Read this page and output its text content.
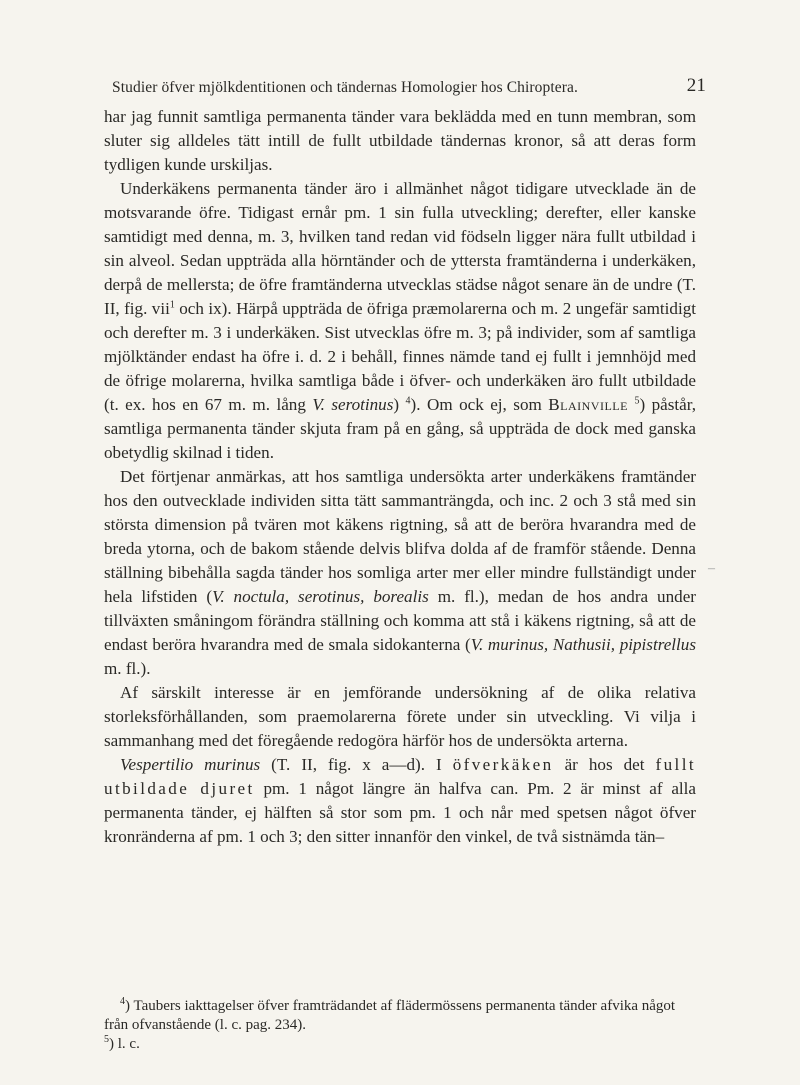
Studier öfver mjölkdentitionen och tändernas Homologier hos Chiroptera.	21

har jag funnit samtliga permanenta tänder vara beklädda med en tunn membran, som sluter sig alldeles tätt intill de fullt utbildade tändernas kronor, så att deras form tydligen kunde urskiljas.

Underkäkens permanenta tänder äro i allmänhet något tidigare utvecklade än de motsvarande öfre. Tidigast ernår pm. 1 sin fulla utveckling; derefter, eller kanske samtidigt med denna, m. 3, hvilken tand redan vid födseln ligger nära fullt utbildad i sin alveol. Sedan uppträda alla hörntänder och de yttersta framtänderna i underkäken, derpå de mellersta; de öfre framtänderna utvecklas städse något senare än de undre (T. II, fig. vii$^1$ och ix). Härpå uppträda de öfriga præmolarerna och m. 2 ungefär samtidigt och derefter m. 3 i underkäken. Sist utvecklas öfre m. 3; på individer, som af samtliga mjölktänder endast ha öfre i. d. 2 i behåll, finnes nämde tand ej fullt i jemnhöjd med de öfrige molarerna, hvilka samtliga både i öfver- och underkäken äro fullt utbildade (t. ex. hos en 67 m. m. lång V. serotinus) $^4$). Om ock ej, som Blainville $^5$) påstår, samtliga permanenta tänder skjuta fram på en gång, så uppträda de dock med ganska obetydlig skilnad i tiden.

Det förtjenar anmärkas, att hos samtliga undersökta arter underkäkens framtänder hos den outvecklade individen sitta tätt sammanträngda, och inc. 2 och 3 stå med sin största dimension på tvären mot käkens rigtning, så att de beröra hvarandra med de breda ytorna, och de bakom stående delvis blifva dolda af de framför stående. Denna ställning bibehålla sagda tänder hos somliga arter mer eller mindre fullständigt under hela lifstiden (V. noctula, serotinus, borealis m. fl.), medan de hos andra under tillväxten småningom förändra ställning och komma att stå i käkens rigtning, så att de endast beröra hvarandra med de smala sidokanterna (V. murinus, Nathusii, pipistrellus m. fl.).

Af särskilt interesse är en jemförande undersökning af de olika relativa storleksförhållanden, som praemolarerna förete under sin utveckling. Vi vilja i sammanhang med det föregående redogöra härför hos de undersökta arterna.

Vespertilio murinus (T. II, fig. x a—d). I öfverkäken är hos det fullt utbildade djuret pm. 1 något längre än halfva can. Pm. 2 är minst af alla permanenta tänder, ej hälften så stor som pm. 1 och når med spetsen något öfver kronränderna af pm. 1 och 3; den sitter innanför den vinkel, de två sistnämda tän–

$^4$) Taubers iakttagelser öfver framträdandet af flädermössens permanenta tänder afvika något från ofvanstående (l. c. pag. 234).

$^5$) l. c.

–
